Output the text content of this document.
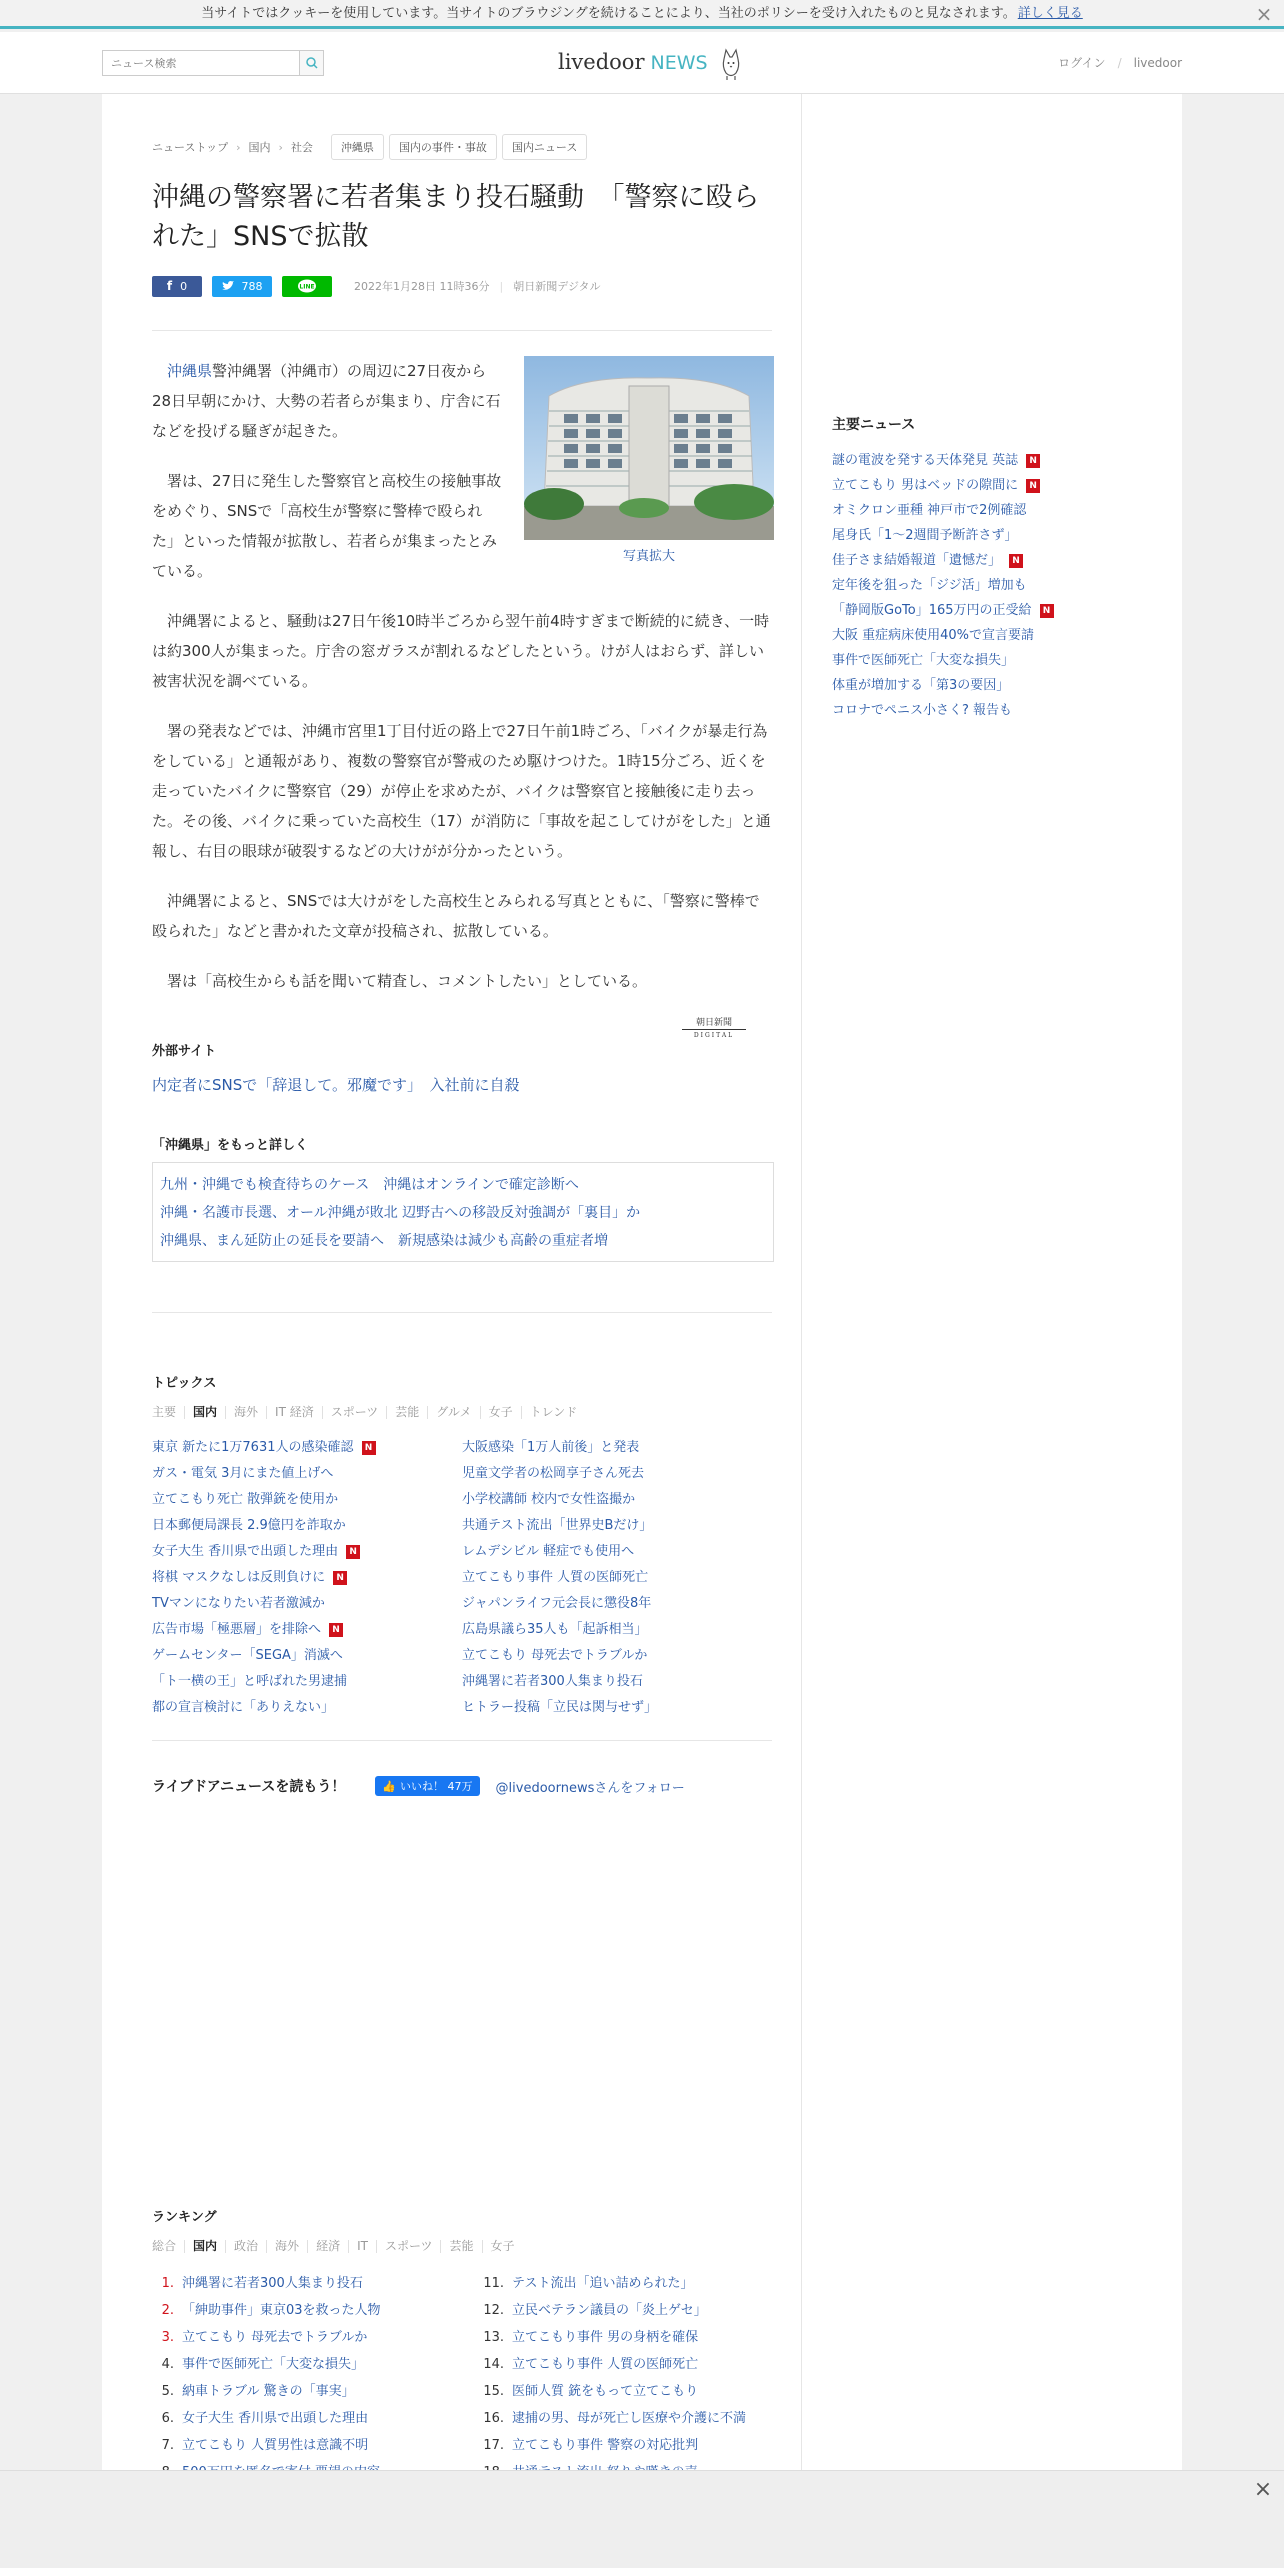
当サイトではクッキーを使用しています。当サイトのブラウジングを続けることにより、当社のポリシーを受け入れたものと見なされます。 詳しく見る	×
ニュース検索
livedoor NEWS	ログイン / livedoor
ニューストップ › 国内 › 社会	沖縄県	国内の事件・事故	国内ニュース
沖縄の警察署に若者集まり投石騒動　「警察に殴られた」SNSで拡散
f 0	788	LINE	2022年1月28日 11時36分 | 朝日新聞デジタル
写真拡大

沖縄県警沖縄署（沖縄市）の周辺に27日夜から28日早朝にかけ、大勢の若者らが集まり、庁舎に石などを投げる騒ぎが起きた。

署は、27日に発生した警察官と高校生の接触事故をめぐり、SNSで「高校生が警察に警棒で殴られた」といった情報が拡散し、若者らが集まったとみている。

沖縄署によると、騒動は27日午後10時半ごろから翌午前4時すぎまで断続的に続き、一時は約300人が集まった。庁舎の窓ガラスが割れるなどしたという。けが人はおらず、詳しい被害状況を調べている。

署の発表などでは、沖縄市宮里1丁目付近の路上で27日午前1時ごろ、「バイクが暴走行為をしている」と通報があり、複数の警察官が警戒のため駆けつけた。1時15分ごろ、近くを走っていたバイクに警察官（29）が停止を求めたが、バイクは警察官と接触後に走り去った。その後、バイクに乗っていた高校生（17）が消防に「事故を起こしてけがをした」と通報し、右目の眼球が破裂するなどの大けがが分かったという。

沖縄署によると、SNSでは大けがをした高校生とみられる写真とともに、「警察に警棒で殴られた」などと書かれた文章が投稿され、拡散している。

署は「高校生からも話を聞いて精査し、コメントしたい」としている。

朝日新聞
DIGITAL
外部サイト
内定者にSNSで「辞退して。邪魔です」　入社前に自殺
「沖縄県」をもっと詳しく
九州・沖縄でも検査待ちのケース　沖縄はオンラインで確定診断へ
沖縄・名護市長選、オール沖縄が敗北 辺野古への移設反対強調が「裏目」か
沖縄県、まん延防止の延長を要請へ　新規感染は減少も高齢の重症者増
トピックス
主要	国内	海外	IT 経済	スポーツ	芸能	グルメ	女子	トレンド
東京 新たに1万7631人の感染確認 N
ガス・電気 3月にまた値上げへ
立てこもり死亡 散弾銃を使用か
日本郵便局課長 2.9億円を詐取か
女子大生 香川県で出頭した理由 N
将棋 マスクなしは反則負けに N
TVマンになりたい若者激減か
広告市場「極悪層」を排除へ N
ゲームセンター「SEGA」消滅へ
「ト一横の王」と呼ばれた男逮捕
都の宣言検討に「ありえない」
大阪感染「1万人前後」と発表
児童文学者の松岡享子さん死去
小学校講師 校内で女性盗撮か
共通テスト流出「世界史Bだけ」
レムデシビル 軽症でも使用へ
立てこもり事件 人質の医師死亡
ジャパンライフ元会長に懲役8年
広島県議ら35人も「起訴相当」
立てこもり 母死去でトラブルか
沖縄署に若者300人集まり投石
ヒトラー投稿「立民は関与せず」
ライブドアニュースを読もう！	👍 いいね！ 47万 @livedoornewsさんをフォロー
ランキング
総合	国内	政治	海外	経済	IT	スポーツ	芸能	女子
1. 沖縄署に若者300人集まり投石
2. 「紳助事件」東京03を救った人物
3. 立てこもり 母死去でトラブルか
4. 事件で医師死亡「大変な損失」
5. 納車トラブル 驚きの「事実」
6. 女子大生 香川県で出頭した理由
7. 立てこもり 人質男性は意識不明
11. テスト流出「追い詰められた」
12. 立民ベテラン議員の「炎上ゲセ」
13. 立てこもり事件 男の身柄を確保
14. 立てこもり事件 人質の医師死亡
15. 医師人質 銃をもって立てこもり
16. 逮捕の男、母が死亡し医療や介護に不満
17. 立てこもり事件 警察の対応批判
主要ニュース
謎の電波を発する天体発見 英誌 N
立てこもり 男はベッドの隙間に N
オミクロン亜種 神戸市で2例確認
尾身氏「1～2週間予断許さず」
佳子さま結婚報道「遺憾だ」 N
定年後を狙った「ジジ活」増加も
「静岡版GoTo」165万円の正受給 N
大阪 重症病床使用40%で宣言要請
事件で医師死亡「大変な損失」
体重が増加する「第3の要因」
コロナでペニス小さく? 報告も
×
